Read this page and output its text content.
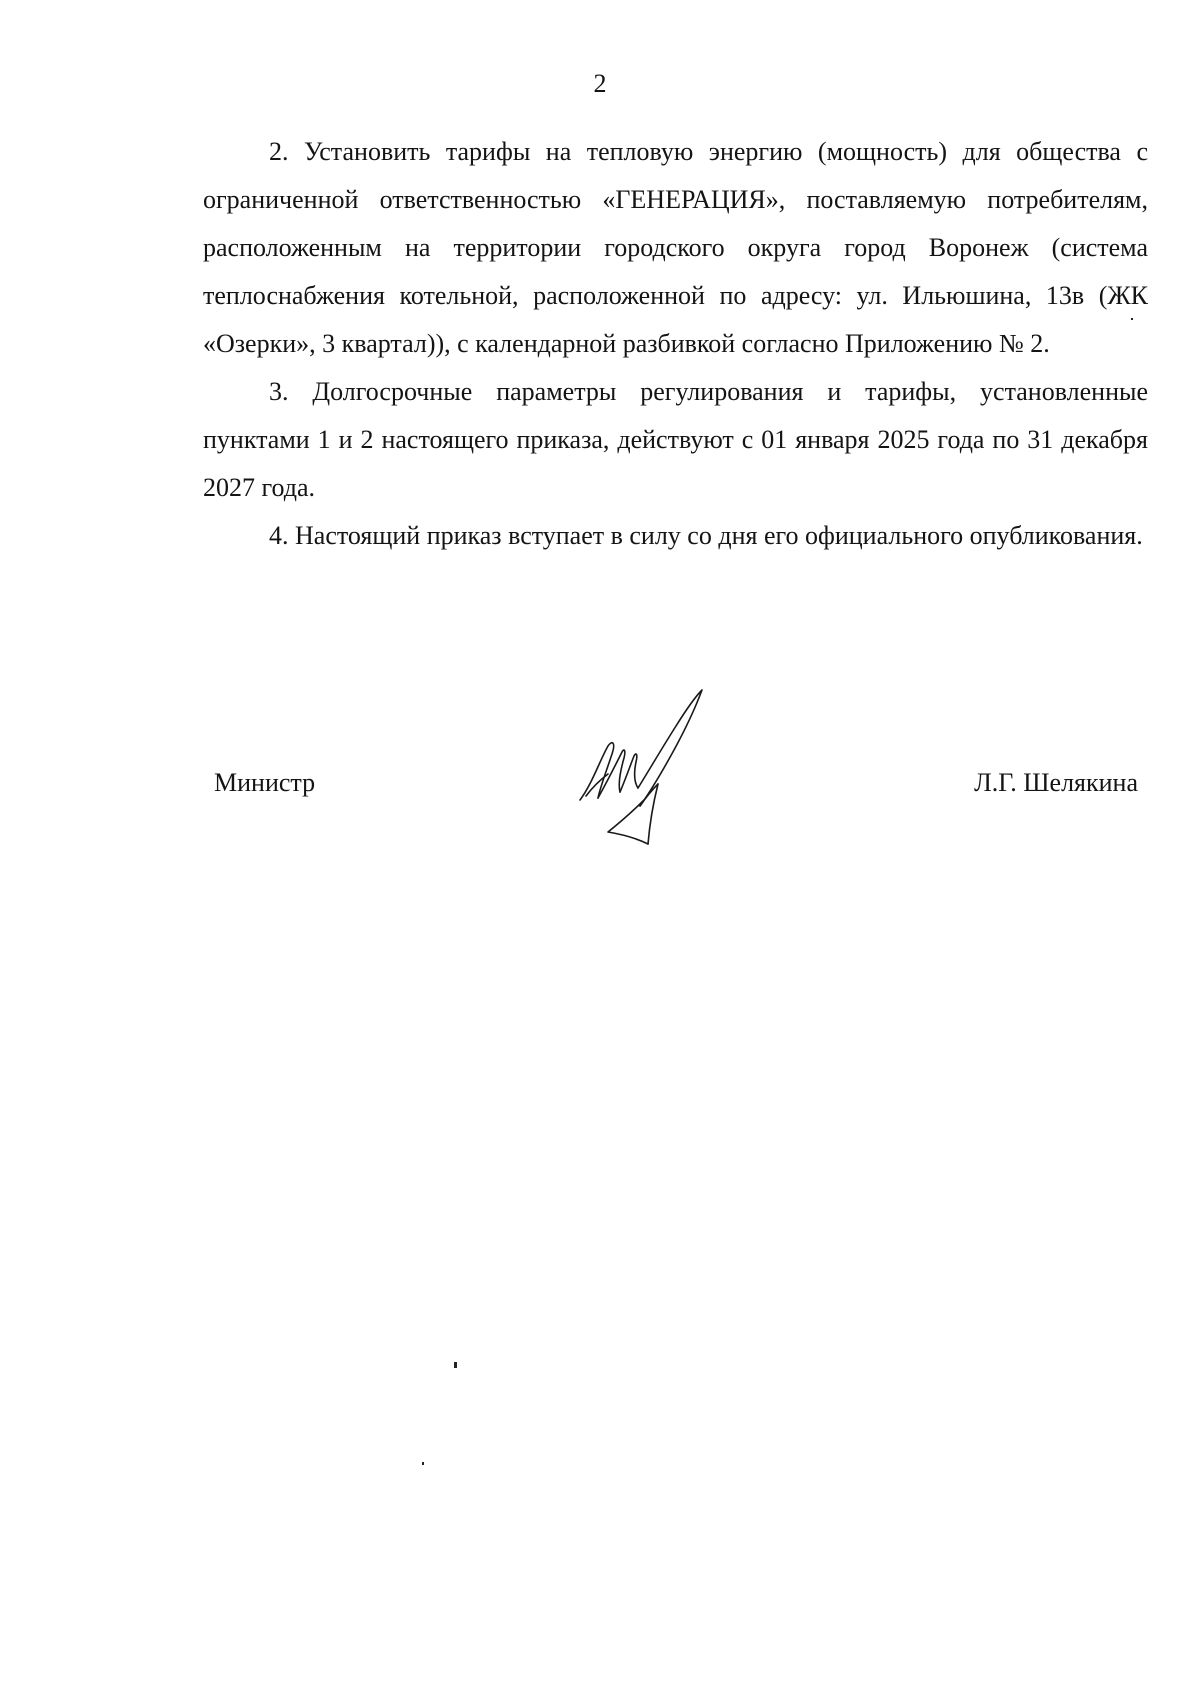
2

2. Установить тарифы на тепловую энергию (мощность) для общества с ограниченной ответственностью «ГЕНЕРАЦИЯ», поставляемую потребителям, расположенным на территории городского округа город Воронеж (система теплоснабжения котельной, расположенной по адресу: ул. Ильюшина, 13в (ЖК «Озерки», 3 квартал)), с календарной разбивкой согласно Приложению № 2.

3. Долгосрочные параметры регулирования и тарифы, установленные пунктами 1 и 2 настоящего приказа, действуют с 01 января 2025 года по 31 декабря 2027 года.

4. Настоящий приказ вступает в силу со дня его официального опубликования.

Министр	Л.Г. Шелякина
